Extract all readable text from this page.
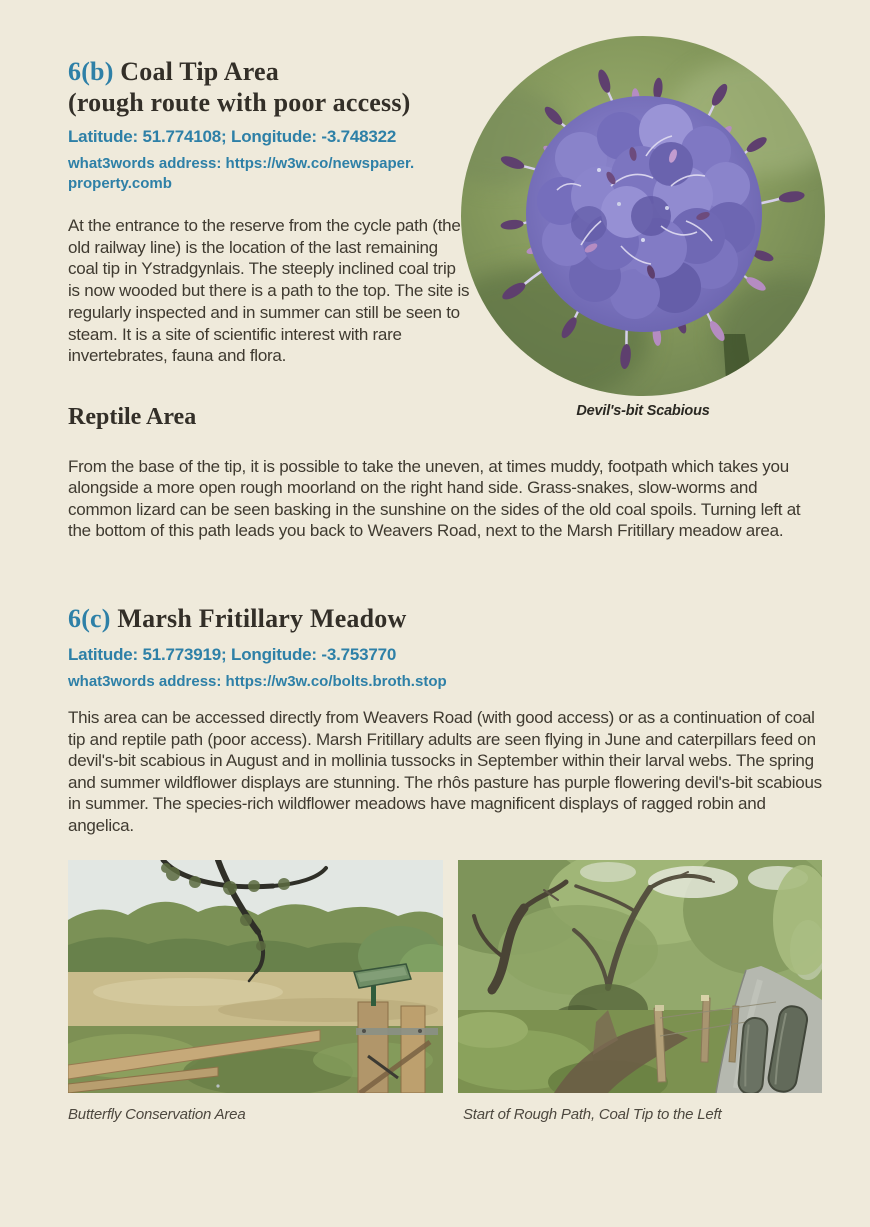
6(b) Coal Tip Area
(rough route with poor access)
Latitude: 51.774108; Longitude: -3.748322
what3words address: https://w3w.co/newspaper.
property.comb
At the entrance to the reserve from the cycle path (the old railway line) is the location of the last remaining coal tip in Ystradgynlais. The steeply inclined coal trip is now wooded but there is a path to the top. The site is regularly inspected and in summer can still be seen to steam. It is a site of scientific interest with rare invertebrates, fauna and flora.
Devil's-bit Scabious
Reptile Area
From the base of the tip, it is possible to take the uneven, at times muddy, footpath which takes you alongside a more open rough moorland on the right hand side. Grass-snakes, slow-worms and common lizard can be seen basking in the sunshine on the sides of the old coal spoils. Turning left at the bottom of this path leads you back to Weavers Road, next to the Marsh Fritillary meadow area.
6(c) Marsh Fritillary Meadow
Latitude: 51.773919; Longitude: -3.753770
what3words address: https://w3w.co/bolts.broth.stop
This area can be accessed directly from Weavers Road (with good access) or as a continuation of coal tip and reptile path (poor access). Marsh Fritillary adults are seen flying in June and caterpillars feed on devil's-bit scabious in August and in mollinia tussocks in September within their larval webs. The spring and summer wildflower displays are stunning. The rhôs pasture has purple flowering devil's-bit scabious in summer. The species-rich wildflower meadows have magnificent displays of ragged robin and angelica.
Butterfly Conservation Area	Start of Rough Path, Coal Tip to the Left
